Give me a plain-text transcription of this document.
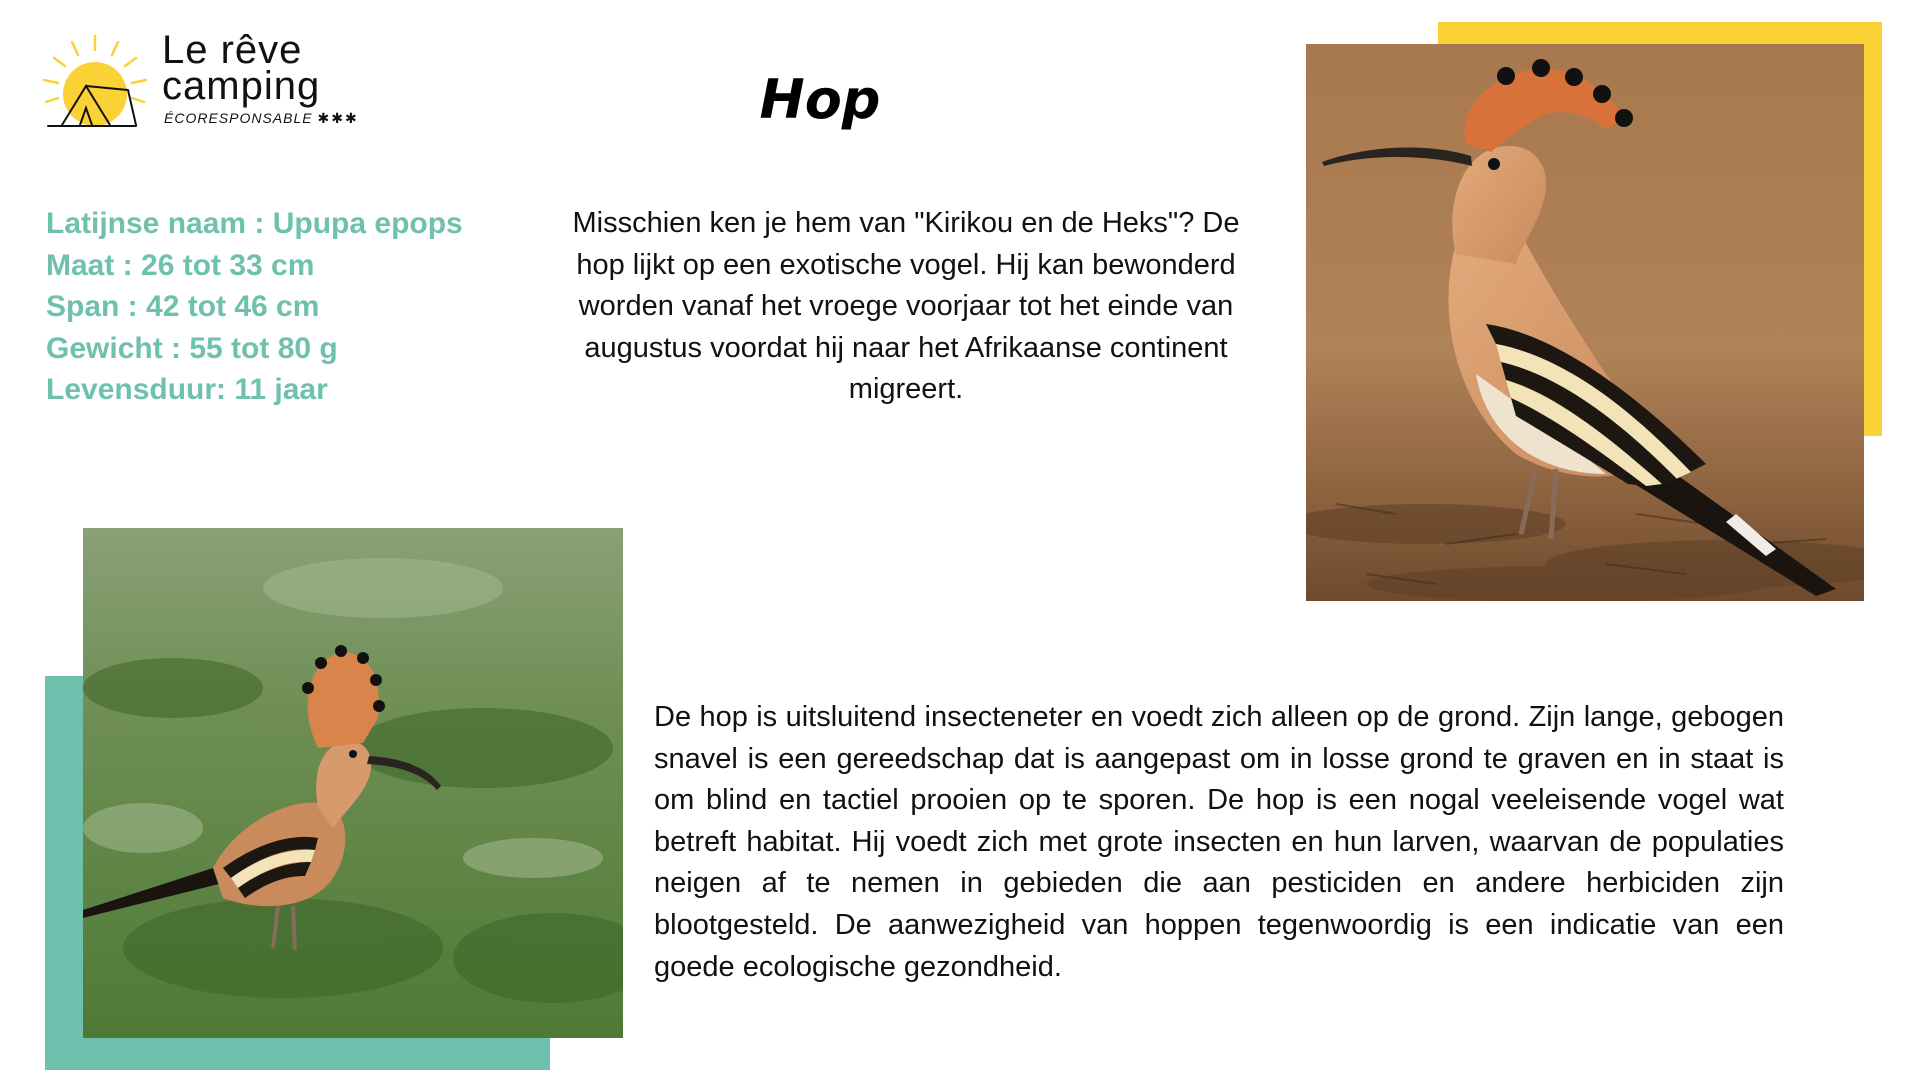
Le rêve
camping
ÉCORESPONSABLE ✱✱✱	Hop
Latijnse naam : Upupa epops
Maat : 26 tot 33 cm
Span : 42 tot 46 cm
Gewicht : 55 tot 80 g
Levensduur: 11 jaar
Misschien ken je hem van "Kirikou en de Heks"? De hop lijkt op een exotische vogel. Hij kan bewonderd worden vanaf het vroege voorjaar tot het einde van augustus voordat hij naar het Afrikaanse continent migreert.
De hop is uitsluitend insecteneter en voedt zich alleen op de grond. Zijn lange, gebogen snavel is een gereedschap dat is aangepast om in losse grond te graven en in staat is om blind en tactiel prooien op te sporen. De hop is een nogal veeleisende vogel wat betreft habitat. Hij voedt zich met grote insecten en hun larven, waarvan de populaties neigen af te nemen in gebieden die aan pesticiden en andere herbiciden zijn blootgesteld. De aanwezigheid van hoppen tegenwoordig is een indicatie van een goede ecologische gezondheid.
